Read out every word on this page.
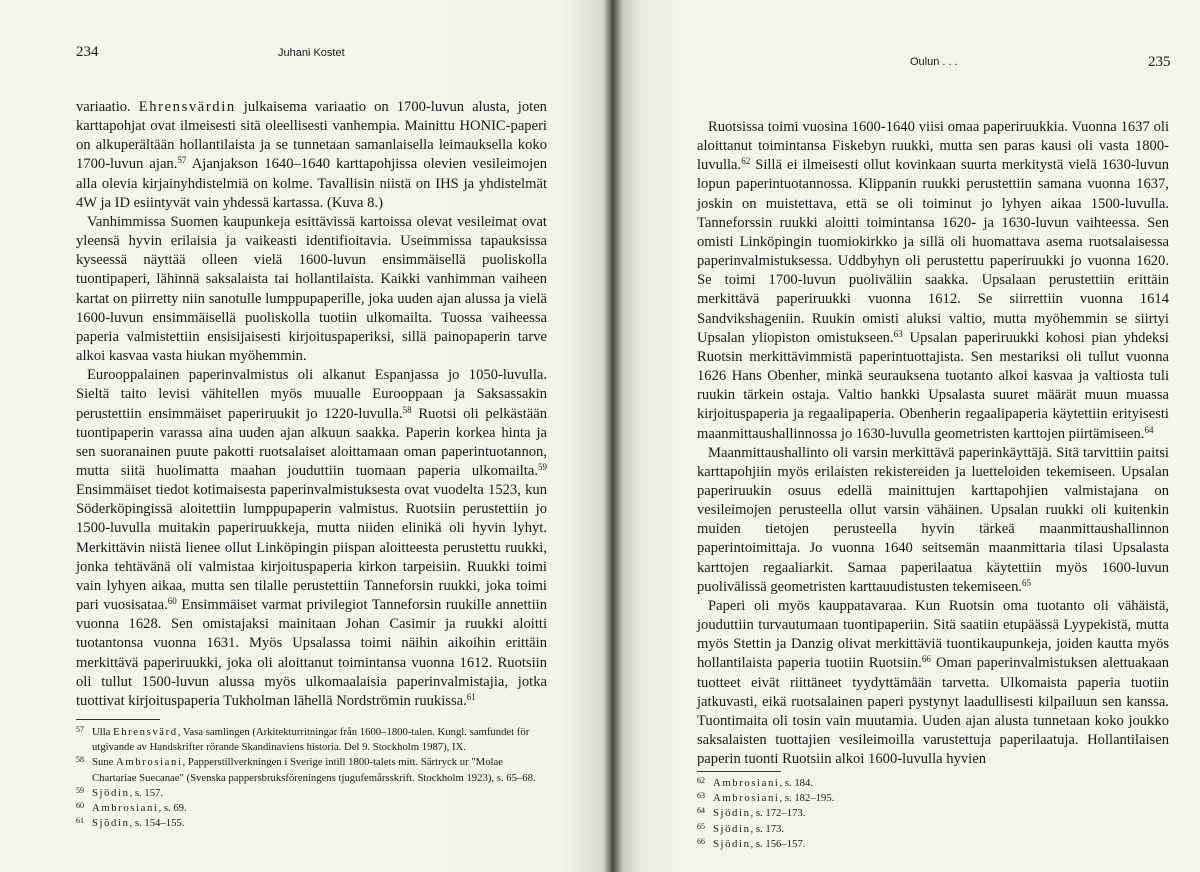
234	Juhani Kostet

variaatio. Ehrensvärdin julkaisema variaatio on 1700-luvun alusta, joten karttapohjat ovat ilmeisesti sitä oleellisesti vanhempia. Mainittu HONIC-paperi on alkuperältään hollantilaista ja se tunnetaan samanlaisella leimauksella koko 1700-luvun ajan.$^{57}$ Ajanjakson 1640–1640 karttapohjissa olevien vesileimojen alla olevia kirjainyhdistelmiä on kolme. Tavallisin niistä on IHS ja yhdistelmät 4W ja ID esiintyvät vain yhdessä kartassa. (Kuva 8.)

Vanhimmissa Suomen kaupunkeja esittävissä kartoissa olevat vesileimat ovat yleensä hyvin erilaisia ja vaikeasti identifioitavia. Useimmissa tapauksissa kyseessä näyttää olleen vielä 1600-luvun ensimmäisellä puoliskolla tuontipaperi, lähinnä saksalaista tai hollantilaista. Kaikki vanhimman vaiheen kartat on piirretty niin sanotulle lumppupaperille, joka uuden ajan alussa ja vielä 1600-luvun ensimmäisellä puoliskolla tuotiin ulkomailta. Tuossa vaiheessa paperia valmistettiin ensisijaisesti kirjoituspaperiksi, sillä painopaperin tarve alkoi kasvaa vasta hiukan myöhemmin.

Eurooppalainen paperinvalmistus oli alkanut Espanjassa jo 1050-luvulla. Sieltä taito levisi vähitellen myös muualle Eurooppaan ja Saksassakin perustettiin ensimmäiset paperiruukit jo 1220-luvulla.$^{58}$ Ruotsi oli pelkästään tuontipaperin varassa aina uuden ajan alkuun saakka. Paperin korkea hinta ja sen suoranainen puute pakotti ruotsalaiset aloittamaan oman paperintuotannon, mutta siitä huolimatta maahan jouduttiin tuomaan paperia ulkomailta.$^{59}$ Ensimmäiset tiedot kotimaisesta paperinvalmistuksesta ovat vuodelta 1523, kun Söderköpingissä aloitettiin lumppupaperin valmistus. Ruotsiin perustettiin jo 1500-luvulla muitakin paperiruukkeja, mutta niiden elinikä oli hyvin lyhyt. Merkittävin niistä lienee ollut Linköpingin piispan aloitteesta perustettu ruukki, jonka tehtävänä oli valmistaa kirjoituspaperia kirkon tarpeisiin. Ruukki toimi vain lyhyen aikaa, mutta sen tilalle perustettiin Tanneforsin ruukki, joka toimi pari vuosisataa.$^{60}$ Ensimmäiset varmat privilegiot Tanneforsin ruukille annettiin vuonna 1628. Sen omistajaksi mainitaan Johan Casimir ja ruukki aloitti tuotantonsa vuonna 1631. Myös Upsalassa toimi näihin aikoihin erittäin merkittävä paperiruukki, joka oli aloittanut toimintansa vuonna 1612. Ruotsiin oli tullut 1500-luvun alussa myös ulkomaalaisia paperinvalmistajia, jotka tuottivat kirjoituspaperia Tukholman lähellä Nordströmin ruukissa.$^{61}$

57 Ulla Ehrensvärd, Vasa samlingen (Arkitekturritningar från 1600–1800-talen. Kungl. samfundet för utgivande av Handskrifter rörande Skandinaviens historia. Del 9. Stockholm 1987), IX.
58 Sune Ambrosiani, Papperstillverkningen i Sverige intill 1800-talets mitt. Särtryck ur "Molae Chartariae Suecanae" (Svenska pappersbruksföreningens tjugufemårsskrift. Stockholm 1923), s. 65–68.
59 Sjödin, s. 157.
60 Ambrosiani, s. 69.
61 Sjödin, s. 154–155.
Oulun . . .	235

Ruotsissa toimi vuosina 1600-1640 viisi omaa paperiruukkia. Vuonna 1637 oli aloittanut toimintansa Fiskebyn ruukki, mutta sen paras kausi oli vasta 1800-luvulla.$^{62}$ Sillä ei ilmeisesti ollut kovinkaan suurta merkitystä vielä 1630-luvun lopun paperintuotannossa. Klippanin ruukki perustettiin samana vuonna 1637, joskin on muistettava, että se oli toiminut jo lyhyen aikaa 1500-luvulla. Tanneforssin ruukki aloitti toimintansa 1620- ja 1630-luvun vaihteessa. Sen omisti Linköpingin tuomiokirkko ja sillä oli huomattava asema ruotsalaisessa paperinvalmistuksessa. Uddbyhyn oli perustettu paperiruukki jo vuonna 1620. Se toimi 1700-luvun puoliväliin saakka. Upsalaan perustettiin erittäin merkittävä paperiruukki vuonna 1612. Se siirrettiin vuonna 1614 Sandvikshageniin. Ruukin omisti aluksi valtio, mutta myöhemmin se siirtyi Upsalan yliopiston omistukseen.$^{63}$ Upsalan paperiruukki kohosi pian yhdeksi Ruotsin merkittävimmistä paperintuottajista. Sen mestariksi oli tullut vuonna 1626 Hans Obenher, minkä seurauksena tuotanto alkoi kasvaa ja valtiosta tuli ruukin tärkein ostaja. Valtio hankki Upsalasta suuret määrät muun muassa kirjoituspaperia ja regaalipaperia. Obenherin regaalipaperia käytettiin erityisesti maanmittaushallinnossa jo 1630-luvulla geometristen karttojen piirtämiseen.$^{64}$

Maanmittaushallinto oli varsin merkittävä paperinkäyttäjä. Sitä tarvittiin paitsi karttapohjiin myös erilaisten rekistereiden ja luetteloiden tekemiseen. Upsalan paperiruukin osuus edellä mainittujen karttapohjien valmistajana on vesileimojen perusteella ollut varsin vähäinen. Upsalan ruukki oli kuitenkin muiden tietojen perusteella hyvin tärkeä maanmittaushallinnon paperintoimittaja. Jo vuonna 1640 seitsemän maanmittaria tilasi Upsalasta karttojen regaaliarkit. Samaa paperilaatua käytettiin myös 1600-luvun puolivälissä geometristen karttauudistusten tekemiseen.$^{65}$

Paperi oli myös kauppatavaraa. Kun Ruotsin oma tuotanto oli vähäistä, jouduttiin turvautumaan tuontipaperiin. Sitä saatiin etupäässä Lyypekistä, mutta myös Stettin ja Danzig olivat merkittäviä tuontikaupunkeja, joiden kautta myös hollantilaista paperia tuotiin Ruotsiin.$^{66}$ Oman paperinvalmistuksen alettuakaan tuotteet eivät riittäneet tyydyttämään tarvetta. Ulkomaista paperia tuotiin jatkuvasti, eikä ruotsalainen paperi pystynyt laadullisesti kilpailuun sen kanssa. Tuontimaita oli tosin vain muutamia. Uuden ajan alusta tunnetaan koko joukko saksalaisten tuottajien vesileimoilla varustettuja paperilaatuja. Hollantilaisen paperin tuonti Ruotsiin alkoi 1600-luvulla hyvien

62 Ambrosiani, s. 184.
63 Ambrosiani, s. 182–195.
64 Sjödin, s. 172–173.
65 Sjödin, s. 173.
66 Sjödin, s. 156–157.
